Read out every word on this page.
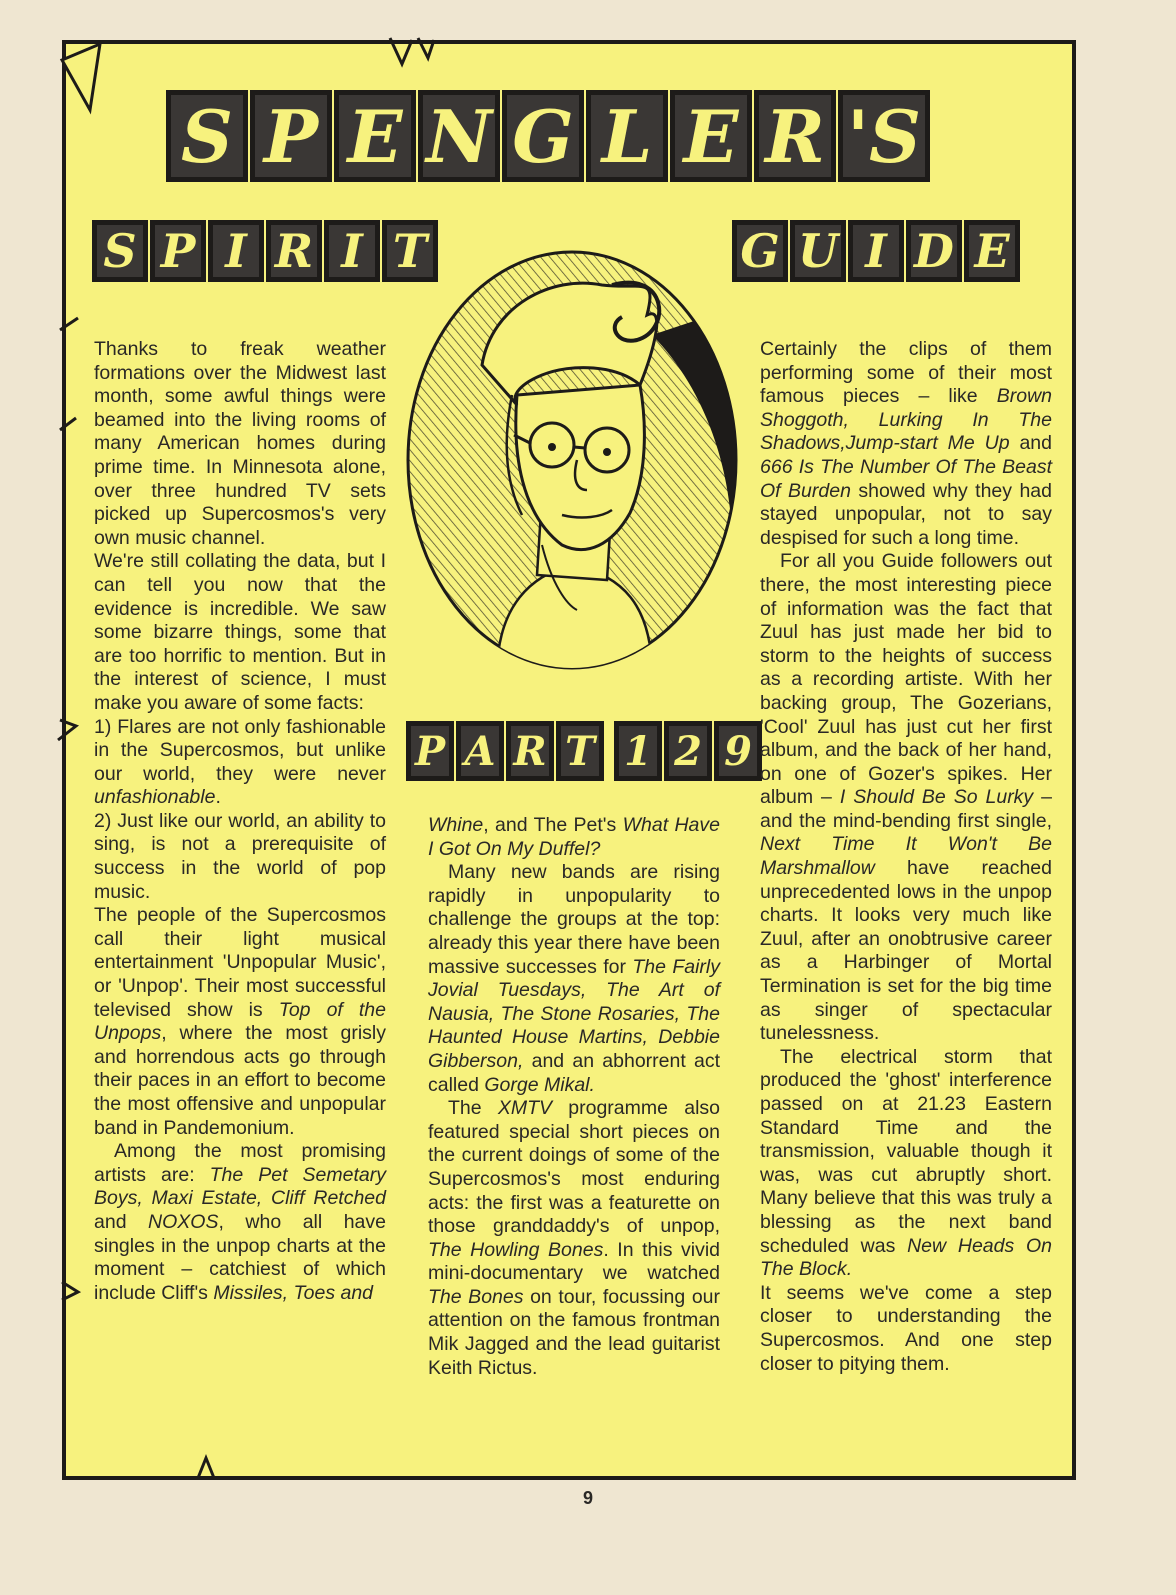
S P E N G L E R 'S
S P I R I T	G U I D E
P A R T 1 2 9

Thanks to freak weather formations over the Midwest last month, some awful things were beamed into the living rooms of many American homes during prime time. In Minnesota alone, over three hundred TV sets picked up Supercosmos's very own music channel.

We're still collating the data, but I can tell you now that the evidence is incredible. We saw some bizarre things, some that are too horrific to mention. But in the interest of science, I must make you aware of some facts:

1) Flares are not only fashionable in the Supercosmos, but unlike our world, they were never unfashionable.

2) Just like our world, an ability to sing, is not a prerequisite of success in the world of pop music.

The people of the Supercosmos call their light musical entertainment 'Unpopular Music', or 'Unpop'. Their most successful televised show is Top of the Unpops, where the most grisly and horrendous acts go through their paces in an effort to become the most offensive and unpopular band in Pandemonium.

Among the most promising artists are: The Pet Semetary Boys, Maxi Estate, Cliff Retched and NOXOS, who all have singles in the unpop charts at the moment – catchiest of which include Cliff's Missiles, Toes and

Whine, and The Pet's What Have I Got On My Duffel?

Many new bands are rising rapidly in unpopularity to challenge the groups at the top: already this year there have been massive successes for The Fairly Jovial Tuesdays, The Art of Nausia, The Stone Rosaries, The Haunted House Martins, Debbie Gibberson, and an abhorrent act called Gorge Mikal.

The XMTV programme also featured special short pieces on the current doings of some of the Supercosmos's most enduring acts: the first was a featurette on those granddaddy's of unpop, The Howling Bones. In this vivid mini-documentary we watched The Bones on tour, focussing our attention on the famous frontman Mik Jagged and the lead guitarist Keith Rictus.

Certainly the clips of them performing some of their most famous pieces – like Brown Shoggoth, Lurking In The Shadows,Jump-start Me Up and 666 Is The Number Of The Beast Of Burden showed why they had stayed unpopular, not to say despised for such a long time.

For all you Guide followers out there, the most interesting piece of information was the fact that Zuul has just made her bid to storm to the heights of success as a recording artiste. With her backing group, The Gozerians, 'Cool' Zuul has just cut her first album, and the back of her hand, on one of Gozer's spikes. Her album – I Should Be So Lurky – and the mind-bending first single, Next Time It Won't Be Marshmallow have reached unprecedented lows in the unpop charts. It looks very much like Zuul, after an onobtrusive career as a Harbinger of Mortal Termination is set for the big time as singer of spectacular tunelessness.

The electrical storm that produced the 'ghost' interference passed on at 21.23 Eastern Standard Time and the transmission, valuable though it was, was cut abruptly short. Many believe that this was truly a blessing as the next band scheduled was New Heads On The Block.

It seems we've come a step closer to understanding the Supercosmos. And one step closer to pitying them.

9
